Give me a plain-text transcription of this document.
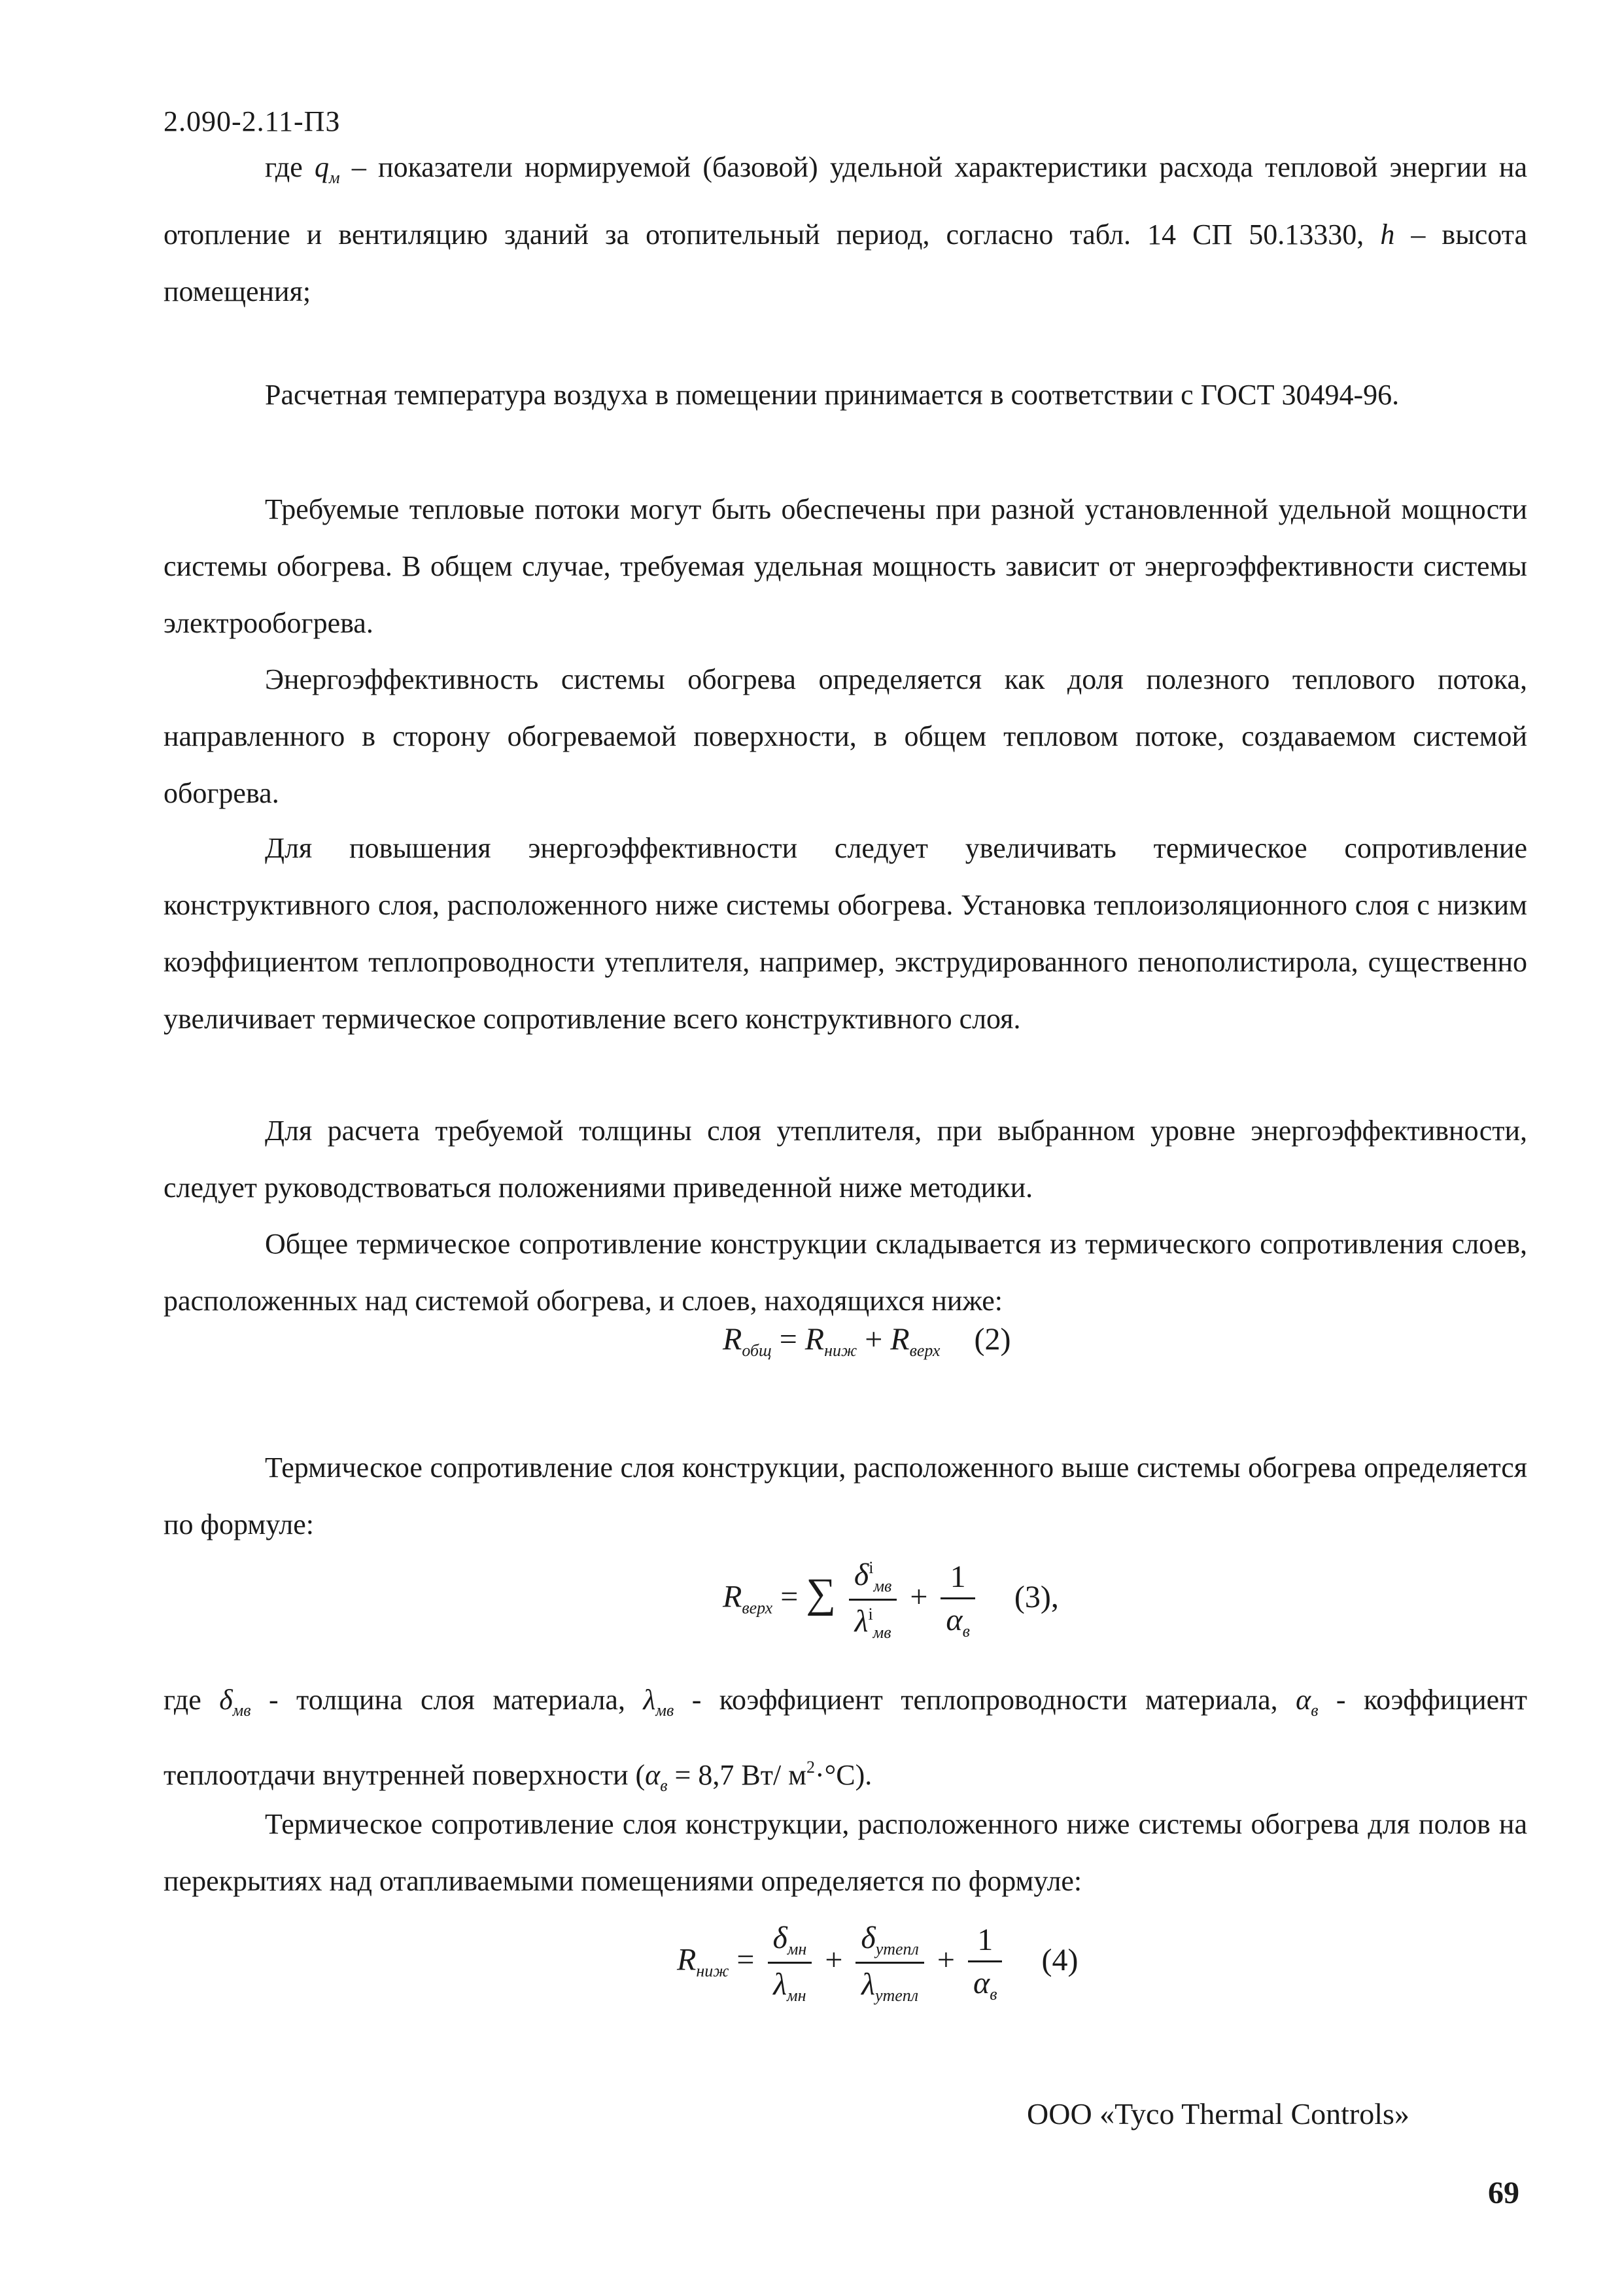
2.090-2.11-ПЗ
где $q_м$ – показатели нормируемой (базовой) удельной характеристики расхода тепловой энергии на отопление и вентиляцию зданий за отопительный период, согласно табл. 14 СП 50.13330, h – высота помещения;
Расчетная температура воздуха в помещении принимается в соответствии с ГОСТ 30494-96.
Требуемые тепловые потоки могут быть обеспечены при разной установленной удельной мощности системы обогрева. В общем случае, требуемая удельная мощность зависит от энергоэффективности системы электрообогрева.
Энергоэффективность системы обогрева определяется как доля полезного теплового потока, направленного в сторону обогреваемой поверхности, в общем тепловом потоке, создаваемом системой обогрева.
Для повышения энергоэффективности следует увеличивать термическое сопротивление конструктивного слоя, расположенного ниже системы обогрева. Установка теплоизоляционного слоя с низким коэффициентом теплопроводности утеплителя, например, экструдированного пенополистирола, существенно увеличивает термическое сопротивление всего конструктивного слоя.
Для расчета требуемой толщины слоя утеплителя, при выбранном уровне энергоэффективности, следует руководствоваться положениями приведенной ниже методики.
Общее термическое сопротивление конструкции складывается из термического сопротивления слоев, расположенных над системой обогрева, и слоев, находящихся ниже:
$R_{общ} = R_{ниж} + R_{верх}$ (2)
Термическое сопротивление слоя конструкции, расположенного выше системы обогрева определяется по формуле:
$R_{верх}$ = ∑ $\frac{\delta^i_{мв}}{\lambda^i_{мв}} + \frac{1}{\alpha_в} (3)$,
где $\delta_{мв}$ - толщина слоя материала, $\lambda_{мв}$ - коэффициент теплопроводности материала, $\alpha_в$ - коэффициент теплоотдачи внутренней поверхности ($\alpha_в = 8,7$ Вт/ $м^2\cdot^\circ С$).
Термическое сопротивление слоя конструкции, расположенного ниже системы обогрева для полов на перекрытиях над отапливаемыми помещениями определяется по формуле:
$R_{ниж} = \frac{\delta_{мн}}{\lambda_{мн}} + \frac{\delta_{утепл}}{\lambda_{утепл}} + \frac{1}{\alpha_в} (4)$
ООО «Tyco Thermal Controls»
69
